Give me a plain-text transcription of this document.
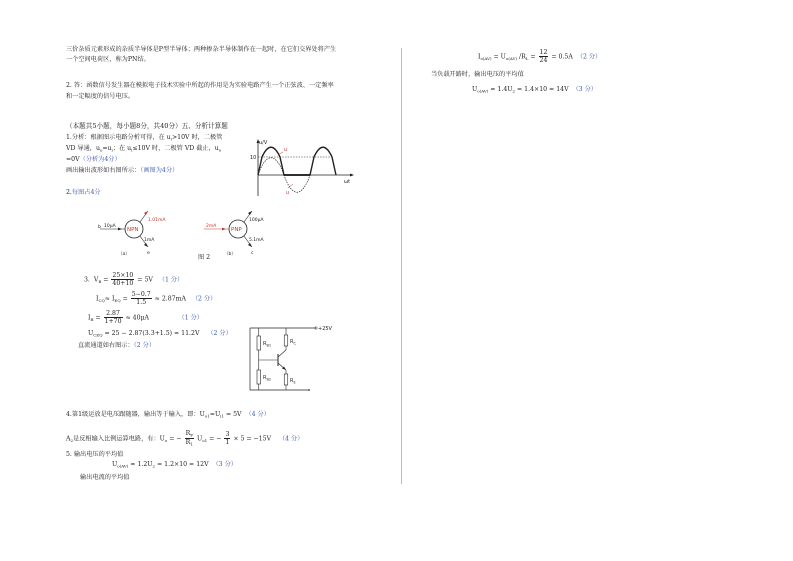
三价杂质元素形成的杂质半导体是P型半导体；两种掺杂半导体制作在一起时，在它们交界处将产生
一个空间电荷区，称为PN结。
2. 答：函数信号发生器在模拟电子技术实验中所起的作用是为实验电路产生一个正弦波、一定频率
和一定幅度的信号电压。
（本题共5小题，每小题8分，共40分）五、分析计算题
1.分析：根据图示电路分析可得，在 $u_i>10V$ 时，二极管
VD 导通，$u_o=u_i$；在 $u_i\le 10V$ 时，二极管 VD 截止，$u_o$
=0V（分析为4分）
画出输出波形如右图所示：（画图为4分）
u/V
10
u
u
ωt
2.每图占4分
NPN
b 10μA
1.01mA
1mA
e
（a）
PNP
2mA
100μA
5.1mA
c
（b）
图 2
3. $V_B = \frac{25\times 10}{40+10} = 5V$ （1 分）
$I_{CQ}\approx I_{EQ} = \frac{5-0.7}{1.5} \approx 2.87mA$ （2 分）
$I_B = \frac{2.87}{1+70} \approx 40\mu A$	（1 分）
$U_{CEQ} = 25 - 2.87(3.3+1.5) \approx 11.2V$ （2 分）
直流通道如右图示：（2 分）
+25V
$R_{B1}$
$R_{B2}$
$R_C$
$R_E$
4.第1级运放是电压跟随器，输出等于输入，即：$U_{o1}=U_{i1} = 5V$ （4 分）
$A_2$是反相输入比例运算电路，有：$U_o$ = − $\frac{R_F}{R_1} U_{o1}$ = − $\frac{3}{1} \times 5 = -15V$ （4 分）
5. 输出电压的平均值
$U_{o(AV)} \approx 1.2U_2 = 1.2\times 10 = 12V$ （3 分）
输出电流的平均值
$I_{o(AV)} = U_{o(AV)}$ $/R_L = \frac{12}{24} = 0.5A$ （2 分）
当负载开路时，输出电压的平均值
$U_{o(AV)} \approx 1.4U_2 = 1.4\times 10 = 14V$ （3 分）
